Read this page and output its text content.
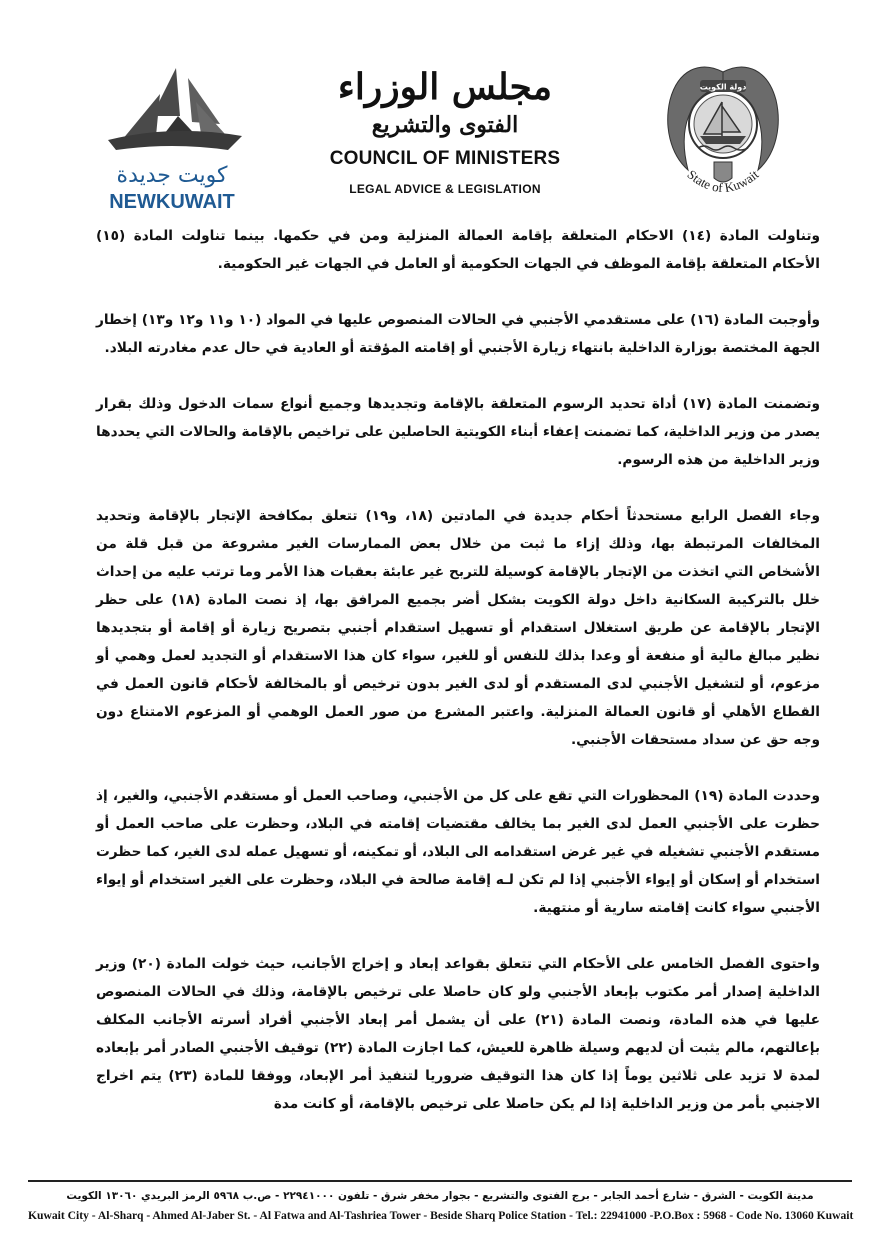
دولة الكويت
State of Kuwait
مجلس الوزراء
الفتوى والتشريع
COUNCIL OF MINISTERS
LEGAL ADVICE & LEGISLATION
كويت جديدة
NEWKUWAIT

وتناولت المادة (١٤) الاحكام المتعلقة بإقامة العمالة المنزلية ومن في حكمها. بينما تناولت المادة (١٥) الأحكام المتعلقة بإقامة الموظف في الجهات الحكومية أو العامل في الجهات غير الحكومية.

وأوجبت المادة (١٦) على مستقدمي الأجنبي في الحالات المنصوص عليها في المواد (١٠ و١١ و١٢ و١٣) إخطار الجهة المختصة بوزارة الداخلية بانتهاء زيارة الأجنبي أو إقامته المؤقتة أو العادية في حال عدم مغادرته البلاد.

وتضمنت المادة (١٧) أداة تحديد الرسوم المتعلقة بالإقامة وتجديدها وجميع أنواع سمات الدخول وذلك بقرار يصدر من وزير الداخلية، كما تضمنت إعفاء أبناء الكويتية الحاصلين على تراخيص بالإقامة والحالات التي يحددها وزير الداخلية من هذه الرسوم.

وجاء الفصل الرابع مستحدثاً أحكام جديدة في المادتين (١٨، و١٩) تتعلق بمكافحة الإتجار بالإقامة وتحديد المخالفات المرتبطة بها، وذلك إزاء ما ثبت من خلال بعض الممارسات الغير مشروعة من قبل قلة من الأشخاص التي اتخذت من الإتجار بالإقامة كوسيلة للتربح غير عابئة بعقبات هذا الأمر وما ترتب عليه من إحداث خلل بالتركيبة السكانية داخل دولة الكويت بشكل أضر بجميع المرافق بها، إذ نصت المادة (١٨) على حظر الإتجار بالإقامة عن طريق استغلال استقدام أو تسهيل استقدام أجنبي بتصريح زيارة أو إقامة أو بتجديدها نظير مبالغ مالية أو منفعة أو وعدا بذلك للنفس أو للغير، سواء كان هذا الاستقدام أو التجديد لعمل وهمي أو مزعوم، أو لتشغيل الأجنبي لدى المستقدم أو لدى الغير بدون ترخيص أو بالمخالفة لأحكام قانون العمل في القطاع الأهلي أو قانون العمالة المنزلية. واعتبر المشرع من صور العمل الوهمي أو المزعوم الامتناع دون وجه حق عن سداد مستحقات الأجنبي.

وحددت المادة (١٩) المحظورات التي تقع على كل من الأجنبي، وصاحب العمل أو مستقدم الأجنبي، والغير، إذ حظرت على الأجنبي العمل لدى الغير بما يخالف مقتضيات إقامته في البلاد، وحظرت على صاحب العمل أو مستقدم الأجنبي تشغيله في غير غرض استقدامه الى البلاد، أو تمكينه، أو تسهيل عمله لدى الغير، كما حظرت استخدام أو إسكان أو إيواء الأجنبي إذا لم تكن لـه إقامة صالحة في البلاد، وحظرت على الغير استخدام أو إيواء الأجنبي سواء كانت إقامته سارية أو منتهية.

واحتوى الفصل الخامس على الأحكام التي تتعلق بقواعد إبعاد و إخراج الأجانب، حيث خولت المادة (٢٠) وزير الداخلية إصدار أمر مكتوب بإبعاد الأجنبي ولو كان حاصلا على ترخيص بالإقامة، وذلك في الحالات المنصوص عليها في هذه المادة، ونصت المادة (٢١) على أن يشمل أمر إبعاد الأجنبي أفراد أسرته الأجانب المكلف بإعالتهم، مالم يثبت أن لديهم وسيلة ظاهرة للعيش، كما اجازت المادة (٢٢) توقيف الأجنبي الصادر أمر بإبعاده لمدة لا تزيد على ثلاثين يوماً إذا كان هذا التوقيف ضروريا لتنفيذ أمر الإبعاد، ووفقا للمادة (٢٣) يتم اخراج الاجنبي بأمر من وزير الداخلية إذا لم يكن حاصلا على ترخيص بالإقامة، أو كانت مدة

مدينة الكويت - الشرق - شارع أحمد الجابر - برج الفتوى والتشريع - بجوار مخفر شرق - تلفون ٢٢٩٤١٠٠٠ - ص.ب ٥٩٦٨ الرمز البريدي ١٣٠٦٠ الكويت
Kuwait City - Al-Sharq - Ahmed Al-Jaber St. - Al Fatwa and Al-Tashriea Tower - Beside Sharq Police Station - Tel.: 22941000 -P.O.Box : 5968 - Code No. 13060 Kuwait
